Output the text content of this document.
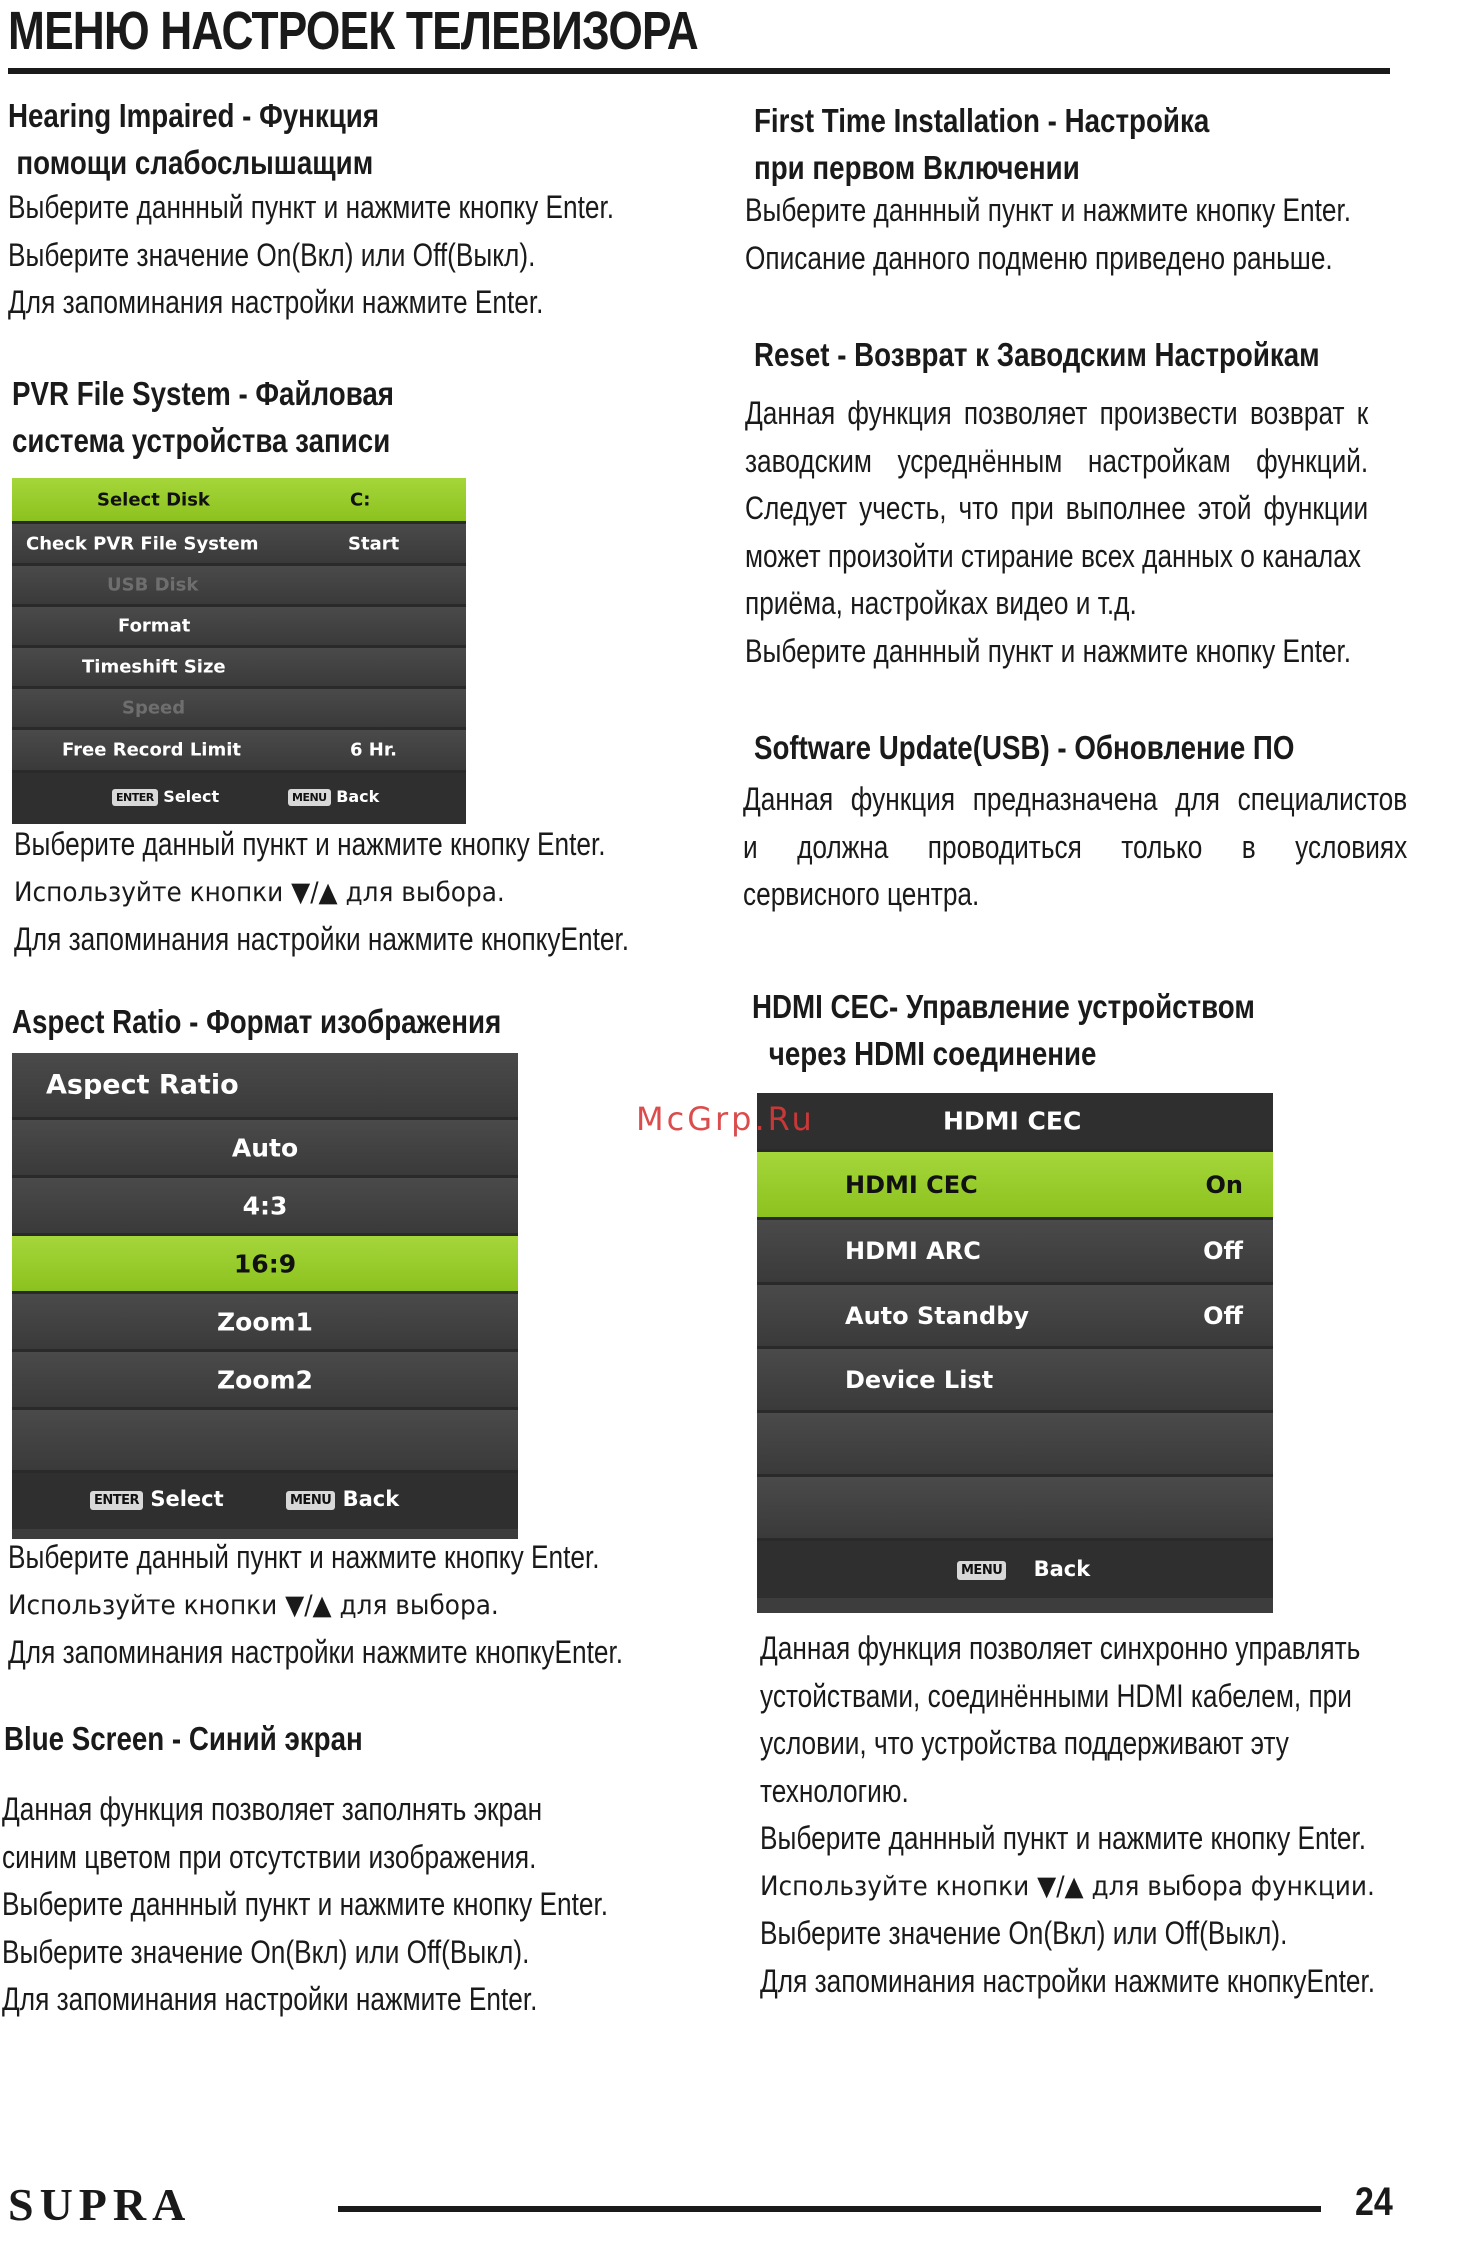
МЕНЮ НАСТРОЕК ТЕЛЕВИЗОРА
Hearing Impaired - Функция
помощи слабослышащим
Выберите даннный пункт и нажмите кнопку Enter.
Выберите значение On(Вкл) или Off(Выкл).
Для запоминания настройки нажмите Enter.
PVR File System - Файловая
система устройства записи
Select Disk	C:
Check PVR File System	Start
USB Disk
Format
Timeshift Size
Speed
Free Record Limit	6 Hr.
ENTER Select	MENU Back
Выберите данный пункт и нажмите кнопку Enter.
Используйте кнопки ▼/▲ для выбора.
Для запоминания настройки нажмите кнопкуEnter.
Aspect Ratio - Формат изображения
Aspect Ratio
Auto
4:3
16:9
Zoom1
Zoom2
ENTER Select	MENU Back
Выберите данный пункт и нажмите кнопку Enter.
Используйте кнопки ▼/▲ для выбора.
Для запоминания настройки нажмите кнопкуEnter.
Blue Screen - Синий экран
Данная функция позволяет заполнять экран
синим цветом при отсутствии изображения.
Выберите даннный пункт и нажмите кнопку Enter.
Выберите значение On(Вкл) или Off(Выкл).
Для запоминания настройки нажмите Enter.
First Time Installation - Настройка
при первом Включении
Выберите даннный пункт и нажмите кнопку Enter.
Описание данного подменю приведено раньше.
Reset - Возврат к Заводским Настройкам
Данная функция позволяет произвести возврат к
заводским усреднённым настройкам функций.
Следует учесть, что при выполнее этой функции
может произойти стирание всех данных о каналах
приёма, настройках видео и т.д.
Выберите даннный пункт и нажмите кнопку Enter.
Software Update(USB) - Обновление ПО
Данная функция предназначена для специалистов
и должна проводиться только в условиях
сервисного центра.
HDMI CEC- Управление устройством
через HDMI соединение
HDMI CEC
HDMI CEC	On
HDMI ARC	Off
Auto Standby	Off
Device List
MENU Back
McGrp.Ru
Данная функция позволяет синхронно управлять
устойствами, соединёнными HDMI кабелем, при
условии, что устройства поддерживают эту
технологию.
Выберите даннный пункт и нажмите кнопку Enter.
Используйте кнопки ▼/▲ для выбора функции.
Выберите значение On(Вкл) или Off(Выкл).
Для запоминания настройки нажмите кнопкуEnter.
SUPRA	24
